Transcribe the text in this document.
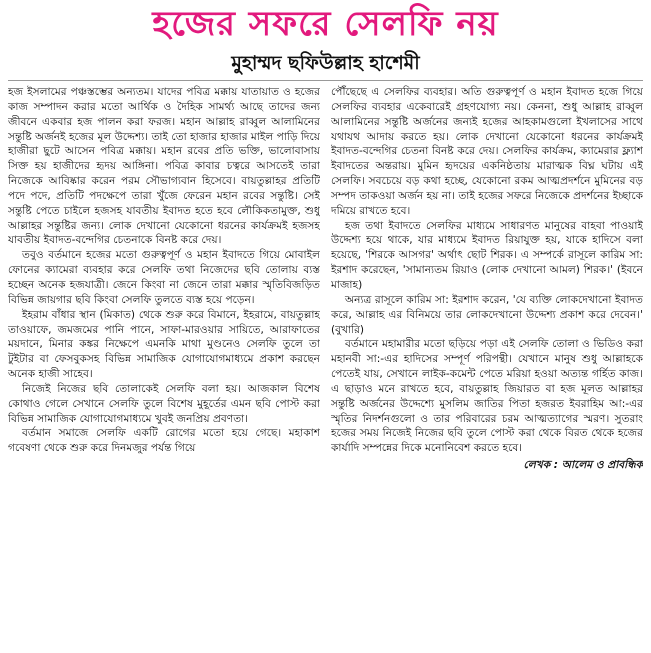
হজের সফরে সেলফি নয়
মুহাম্মদ ছফিউল্লাহ হাশেমী

হজ ইসলামের পঞ্চস্তম্ভের অন্যতম। যাদের পবিত্র মক্কায় যাতায়াত ও হজের কাজ সম্পাদন করার মতো আর্থিক ও দৈহিক সামর্থ্য আছে তাদের জন্য জীবনে একবার হজ পালন করা ফরজ। মহান আল্লাহ রাব্বুল আলামিনের সন্তুষ্টি অর্জনই হজের মূল উদ্দেশ্য। তাই তো হাজার হাজার মাইল পাড়ি দিয়ে হাজীরা ছুটে আসেন পবিত্র মক্কায়। মহান রবের প্রতি ভক্তি, ভালোবাসায় সিক্ত হয় হাজীদের হৃদয় আঙ্গিনা। পবিত্র কাবার চত্বরে আসতেই তারা নিজেকে আবিষ্কার করেন পরম সৌভাগ্যবান হিসেবে। বায়তুল্লাহর প্রতিটি পদে পদে, প্রতিটি পদক্ষেপে তারা খুঁজে ফেরেন মহান রবের সন্তুষ্টি। সেই সন্তুষ্টি পেতে চাইলে হজসহ যাবতীয় ইবাদত হতে হবে লৌকিকতামুক্ত, শুধু আল্লাহর সন্তুষ্টির জন্য। লোক দেখানো যেকোনো ধরনের কার্যক্রমই হজসহ যাবতীয় ইবাদত-বন্দেগির চেতনাকে বিনষ্ট করে দেয়।

তবুও বর্তমানে হজের মতো গুরুত্বপূর্ণ ও মহান ইবাদতে গিয়ে মোবাইল ফোনের ক্যামেরা ব্যবহার করে সেলফি তথা নিজেদের ছবি তোলায় ব্যস্ত হচ্ছেন অনেক হজযাত্রী। জেনে কিংবা না জেনে তারা মক্কার স্মৃতিবিজড়িত বিভিন্ন জায়গার ছবি কিংবা সেলফি তুলতে ব্যস্ত হয়ে পড়েন।

ইহরাম বাঁধার স্থান (মিকাত) থেকে শুরু করে বিমানে, ইহরামে, বায়তুল্লাহ তাওয়াফে, জমজমের পানি পানে, সাফা-মারওয়ার সায়িতে, আরাফাতের ময়দানে, মিনার কঙ্কর নিক্ষেপে এমনকি মাথা মুণ্ডনেও সেলফি তুলে তা টুইটার বা ফেসবুকসহ বিভিন্ন সামাজিক যোগাযোগমাধ্যমে প্রকাশ করছেন অনেক হাজী সাহেব।

নিজেই নিজের ছবি তোলাকেই সেলফি বলা হয়। আজকাল বিশেষ কোথাও গেলে সেখানে সেলফি তুলে বিশেষ মুহূর্তের এমন ছবি পোস্ট করা বিভিন্ন সামাজিক যোগাযোগমাধ্যমে খুবই জনপ্রিয় প্রবণতা।

বর্তমান সমাজে সেলফি একটি রোগের মতো হয়ে গেছে। মহাকাশ গবেষণা থেকে শুরু করে দিনমজুর পর্যন্ত গিয়ে

পৌঁছেছে এ সেলফির ব্যবহার। অতি গুরুত্বপূর্ণ ও মহান ইবাদত হজে গিয়ে সেলফির ব্যবহার একেবারেই গ্রহণযোগ্য নয়। কেননা, শুধু আল্লাহ রাব্বুল আলামিনের সন্তুষ্টি অর্জনের জন্যই হজের আহকামগুলো ইখলাসের সাথে যথাযথ আদায় করতে হয়। লোক দেখানো যেকোনো ধরনের কার্যক্রমই ইবাদত-বন্দেগির চেতনা বিনষ্ট করে দেয়। সেলফির কার্যক্রম, ক্যামেরার ফ্ল্যাশ ইবাদতের অন্তরায়। মুমিন হৃদয়ের একনিষ্ঠতায় মারাত্মক বিঘ্ন ঘটায় এই সেলফি। সবচেয়ে বড় কথা হচ্ছে, যেকোনো রকম আত্মপ্রদর্শনে মুমিনের বড় সম্পদ তাকওয়া অর্জন হয় না। তাই হজের সফরে নিজেকে প্রদর্শনের ইচ্ছাকে দমিয়ে রাখতে হবে।

হজ তথা ইবাদতে সেলফির মাধ্যমে সাধারণত মানুষের বাহবা পাওয়াই উদ্দেশ্য হয়ে থাকে, যার মাধ্যমে ইবাদত রিয়াযুক্ত হয়, যাকে হাদিসে বলা হয়েছে, 'শিরকে আসগর' অর্থাৎ ছোট শিরক। এ সম্পর্কে রাসূলে কারিম সা: ইরশাদ করেছেন, 'সামান্যতম রিয়াও (লোক দেখানো আমল) শিরক।' (ইবনে মাজাহ)

অন্যত্র রাসূলে কারিম সা: ইরশাদ করেন, 'যে ব্যক্তি লোকদেখানো ইবাদত করে, আল্লাহ এর বিনিময়ে তার লোকদেখানো উদ্দেশ্য প্রকাশ করে দেবেন।' (বুখারি)

বর্তমানে মহামারীর মতো ছড়িয়ে পড়া এই সেলফি তোলা ও ভিডিও করা মহানবী সা:-এর হাদিসের সম্পূর্ণ পরিপন্থী। যেখানে মানুষ শুধু আল্লাহকে পেতেই যায়, সেখানে লাইক-কমেন্ট পেতে মরিয়া হওয়া অত্যন্ত গর্হিত কাজ। এ ছাড়াও মনে রাখতে হবে, বায়তুল্লাহ জিয়ারত বা হজ মূলত আল্লাহর সন্তুষ্টি অর্জনের উদ্দেশ্যে মুসলিম জাতির পিতা হজরত ইবরাহিম আ:-এর স্মৃতির নিদর্শনগুলো ও তার পরিবারের চরম আত্মত্যাগের স্মরণ। সুতরাং হজের সময় নিজেই নিজের ছবি তুলে পোস্ট করা থেকে বিরত থেকে হজের কার্যাদি সম্পন্নের দিকে মনোনিবেশ করতে হবে।

লেখক : আলেম ও প্রাবন্ধিক
